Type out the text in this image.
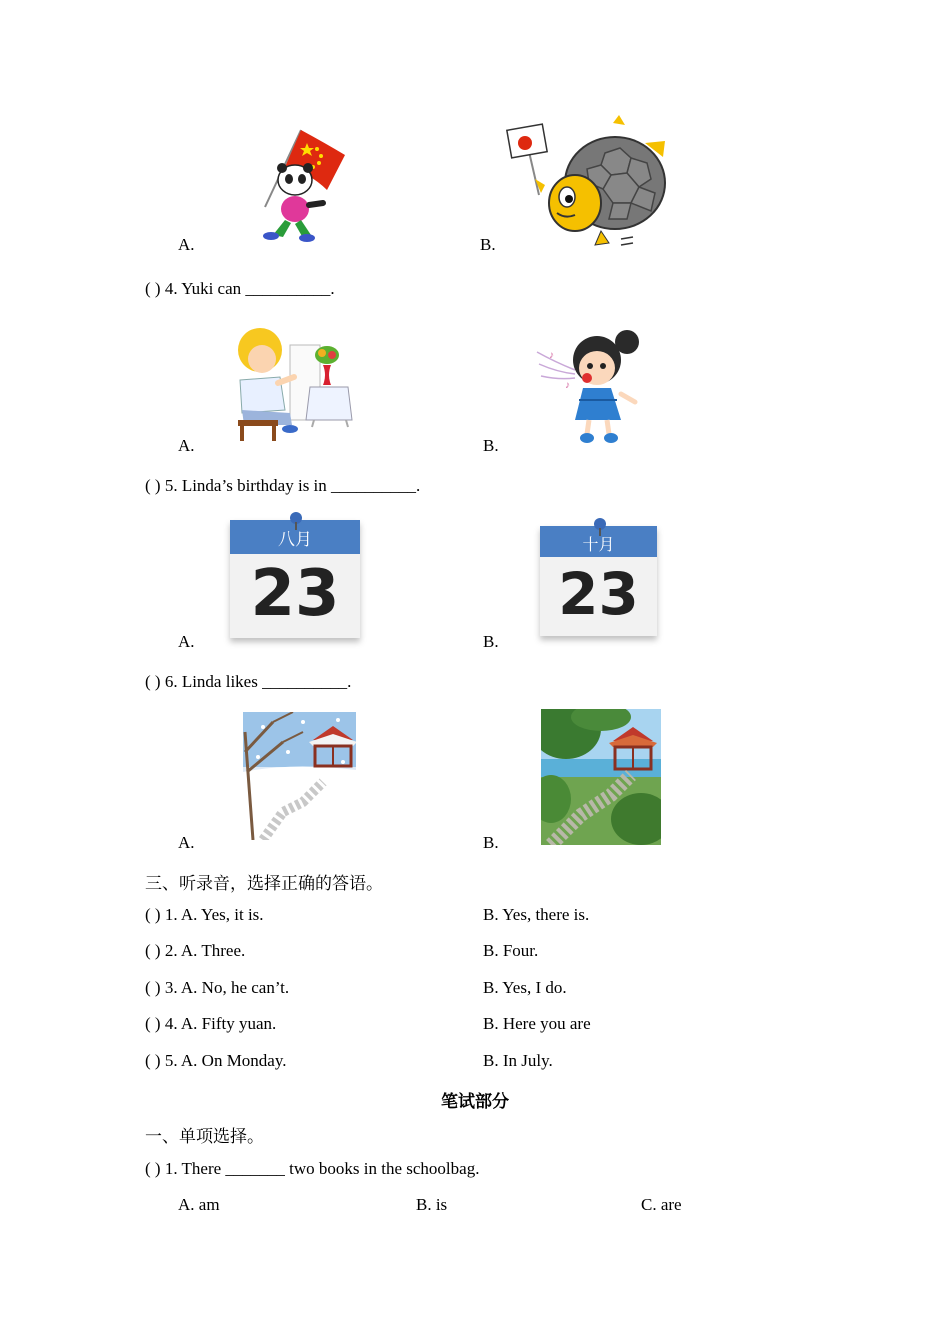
A.	B.
( ) 4. Yuki can __________.
A.
♪
♪
B.
( ) 5. Linda’s birthday is in __________.
八月
23
A.
十月
23
B.
( ) 6. Linda likes __________.
A.	B.
三、听录音，选择正确的答语。
( ) 1. A. Yes, it is.	B. Yes, there is.
( ) 2. A. Three.	B. Four.
( ) 3. A. No, he can’t.	B. Yes, I do.
( ) 4. A. Fifty yuan.	B. Here you are
( ) 5. A. On Monday.	B. In July.
笔试部分
一、单项选择。
( ) 1. There _______ two books in the schoolbag.
A. am	B. is	C. are
